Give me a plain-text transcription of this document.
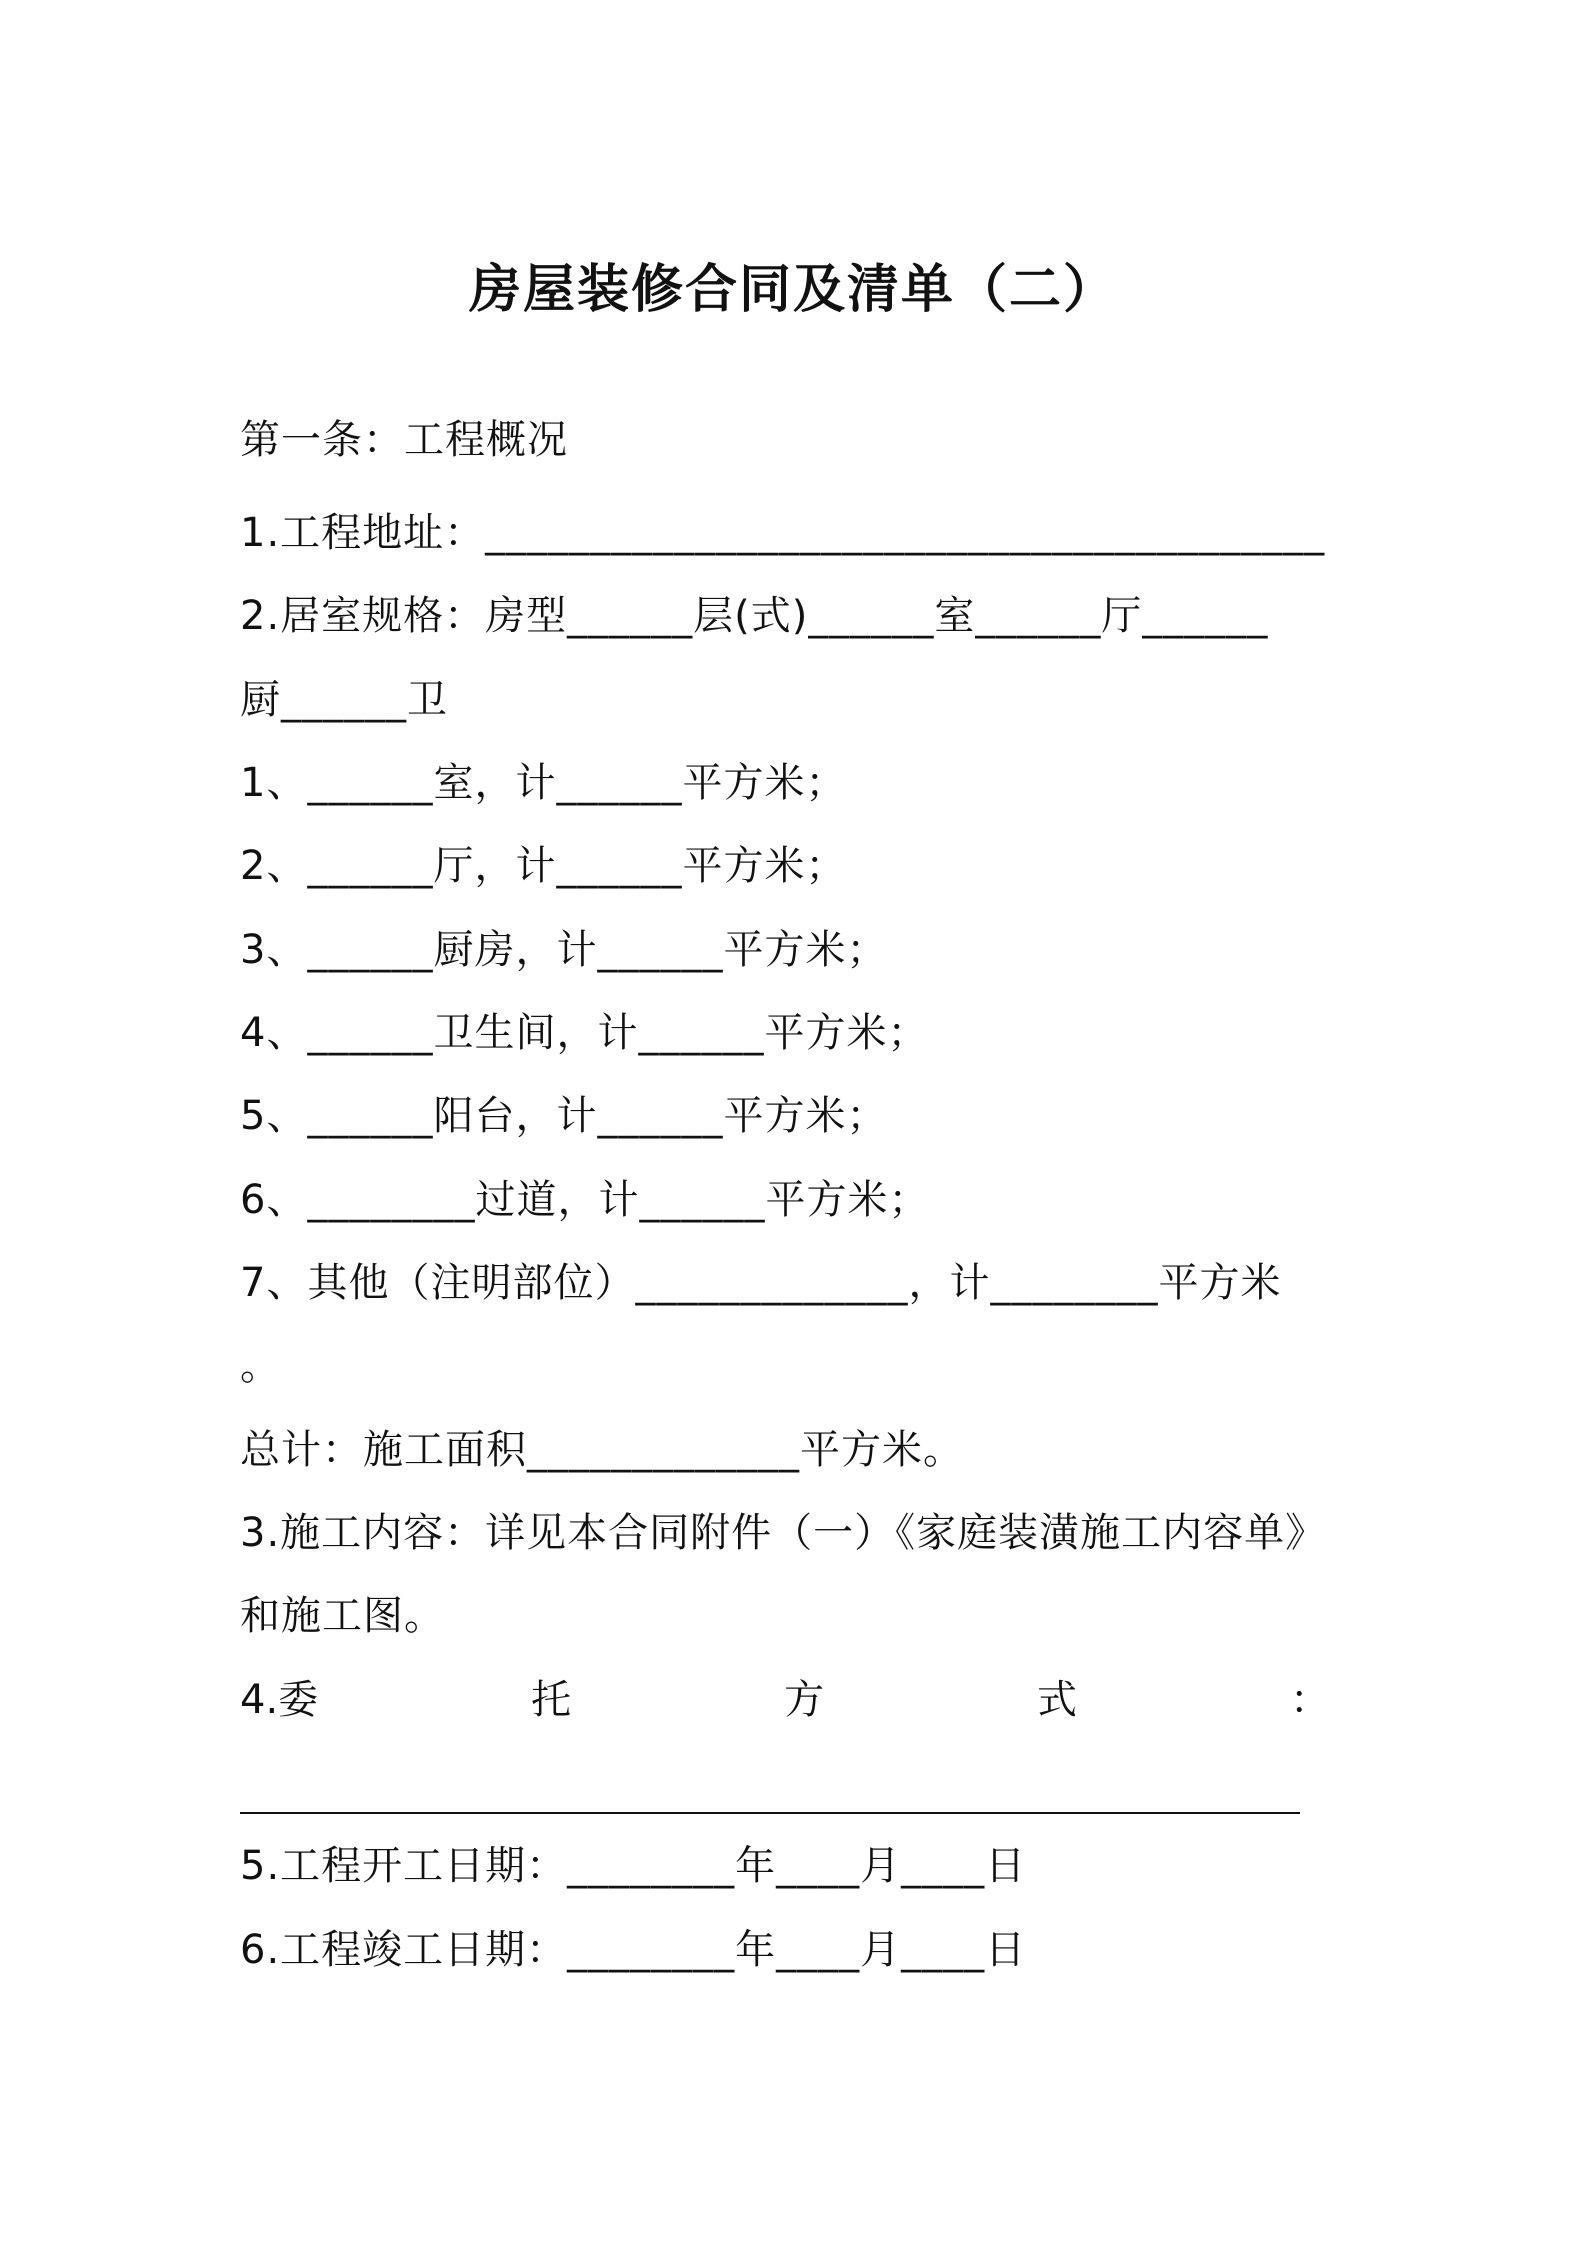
房屋装修合同及清单（二）
第一条：工程概况
1.工程地址：________________________________________
2.居室规格：房型______层(式)______室______厅______
厨______卫
1、______室，计______平方米；
2、______厅，计______平方米；
3、______厨房，计______平方米；
4、______卫生间，计______平方米；
5、______阳台，计______平方米；
6、________过道，计______平方米；
7、其他（注明部位）_____________，计________平方米
。
总计：施工面积_____________平方米。
3.施工内容：详见本合同附件（一）《家庭装潢施工内容单》
和施工图。
4.委	托	方	式	：
5.工程开工日期：________年____月____日
6.工程竣工日期：________年____月____日
